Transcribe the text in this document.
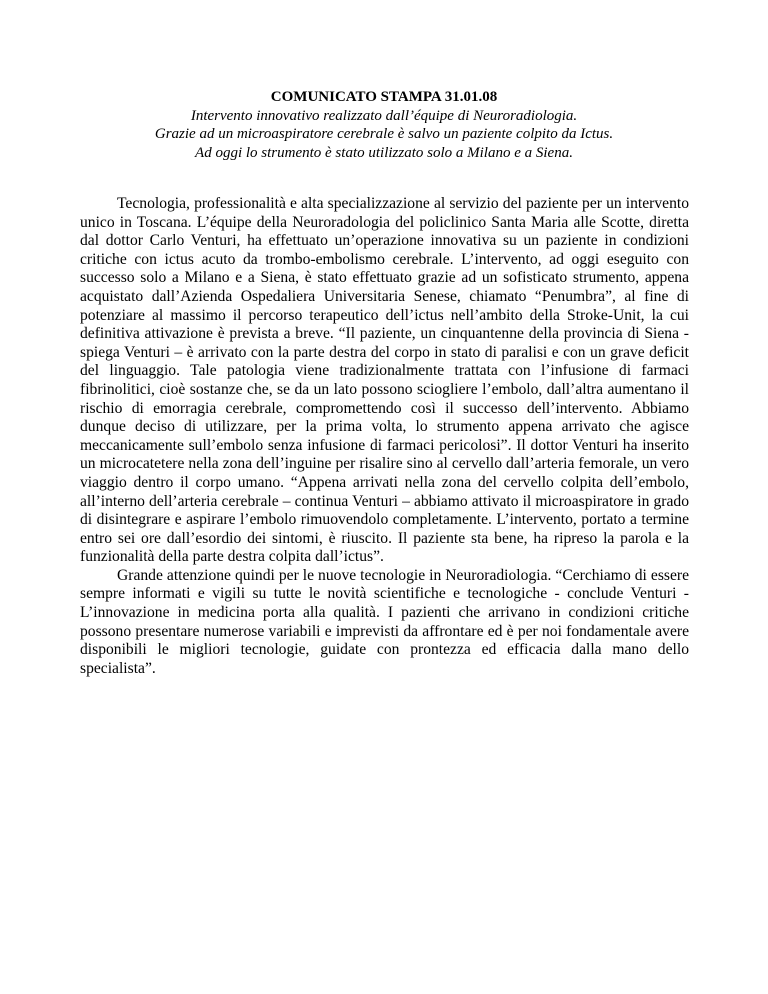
COMUNICATO STAMPA 31.01.08
Intervento innovativo realizzato dall’équipe di Neuroradiologia.
Grazie ad un microaspiratore cerebrale è salvo un paziente colpito da Ictus.
Ad oggi lo strumento è stato utilizzato solo a Milano e a Siena.

Tecnologia, professionalità e alta specializzazione al servizio del paziente per un intervento unico in Toscana. L’équipe della Neuroradologia del policlinico Santa Maria alle Scotte, diretta dal dottor Carlo Venturi, ha effettuato un’operazione innovativa su un paziente in condizioni critiche con ictus acuto da trombo-embolismo cerebrale. L’intervento, ad oggi eseguito con successo solo a Milano e a Siena, è stato effettuato grazie ad un sofisticato strumento, appena acquistato dall’Azienda Ospedaliera Universitaria Senese, chiamato “Penumbra”, al fine di potenziare al massimo il percorso terapeutico dell’ictus nell’ambito della Stroke-Unit, la cui definitiva attivazione è prevista a breve. “Il paziente, un cinquantenne della provincia di Siena - spiega Venturi – è arrivato con la parte destra del corpo in stato di paralisi e con un grave deficit del linguaggio. Tale patologia viene tradizionalmente trattata con l’infusione di farmaci fibrinolitici, cioè sostanze che, se da un lato possono sciogliere l’embolo, dall’altra aumentano il rischio di emorragia cerebrale, compromettendo così il successo dell’intervento. Abbiamo dunque deciso di utilizzare, per la prima volta, lo strumento appena arrivato che agisce meccanicamente sull’embolo senza infusione di farmaci pericolosi”. Il dottor Venturi ha inserito un microcatetere nella zona dell’inguine per risalire sino al cervello dall’arteria femorale, un vero viaggio dentro il corpo umano. “Appena arrivati nella zona del cervello colpita dell’embolo, all’interno dell’arteria cerebrale – continua Venturi – abbiamo attivato il microaspiratore in grado di disintegrare e aspirare l’embolo rimuovendolo completamente. L’intervento, portato a termine entro sei ore dall’esordio dei sintomi, è riuscito. Il paziente sta bene, ha ripreso la parola e la funzionalità della parte destra colpita dall’ictus”.

Grande attenzione quindi per le nuove tecnologie in Neuroradiologia. “Cerchiamo di essere sempre informati e vigili su tutte le novità scientifiche e tecnologiche - conclude Venturi - L’innovazione in medicina porta alla qualità. I pazienti che arrivano in condizioni critiche possono presentare numerose variabili e imprevisti da affrontare ed è per noi fondamentale avere disponibili le migliori tecnologie, guidate con prontezza ed efficacia dalla mano dello specialista”.
